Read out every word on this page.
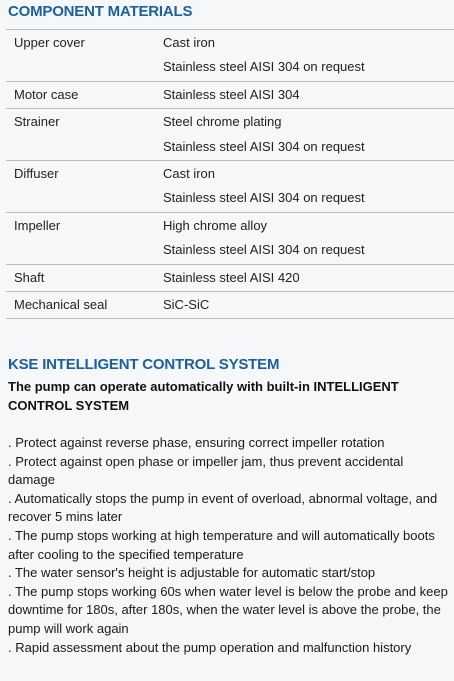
COMPONENT MATERIALS
Upper cover	Cast iron
Stainless steel AISI 304 on request

Motor case	Stainless steel AISI 304

Strainer	Steel chrome plating
Stainless steel AISI 304 on request

Diffuser	Cast iron
Stainless steel AISI 304 on request

Impeller	High chrome alloy
Stainless steel AISI 304 on request

Shaft	Stainless steel AISI 420

Mechanical seal	SiC-SiC
KSE INTELLIGENT CONTROL SYSTEM
The pump can operate automatically with built-in INTELLIGENT CONTROL SYSTEM

. Protect against reverse phase, ensuring correct impeller rotation

. Protect against open phase or impeller jam, thus prevent accidental damage

. Automatically stops the pump in event of overload, abnormal voltage, and recover 5 mins later

. The pump stops working at high temperature and will automatically boots after cooling to the specified temperature

. The water sensor's height is adjustable for automatic start/stop

. The pump stops working 60s when water level is below the probe and keep downtime for 180s, after 180s, when the water level is above the probe, the pump will work again

. Rapid assessment about the pump operation and malfunction history
